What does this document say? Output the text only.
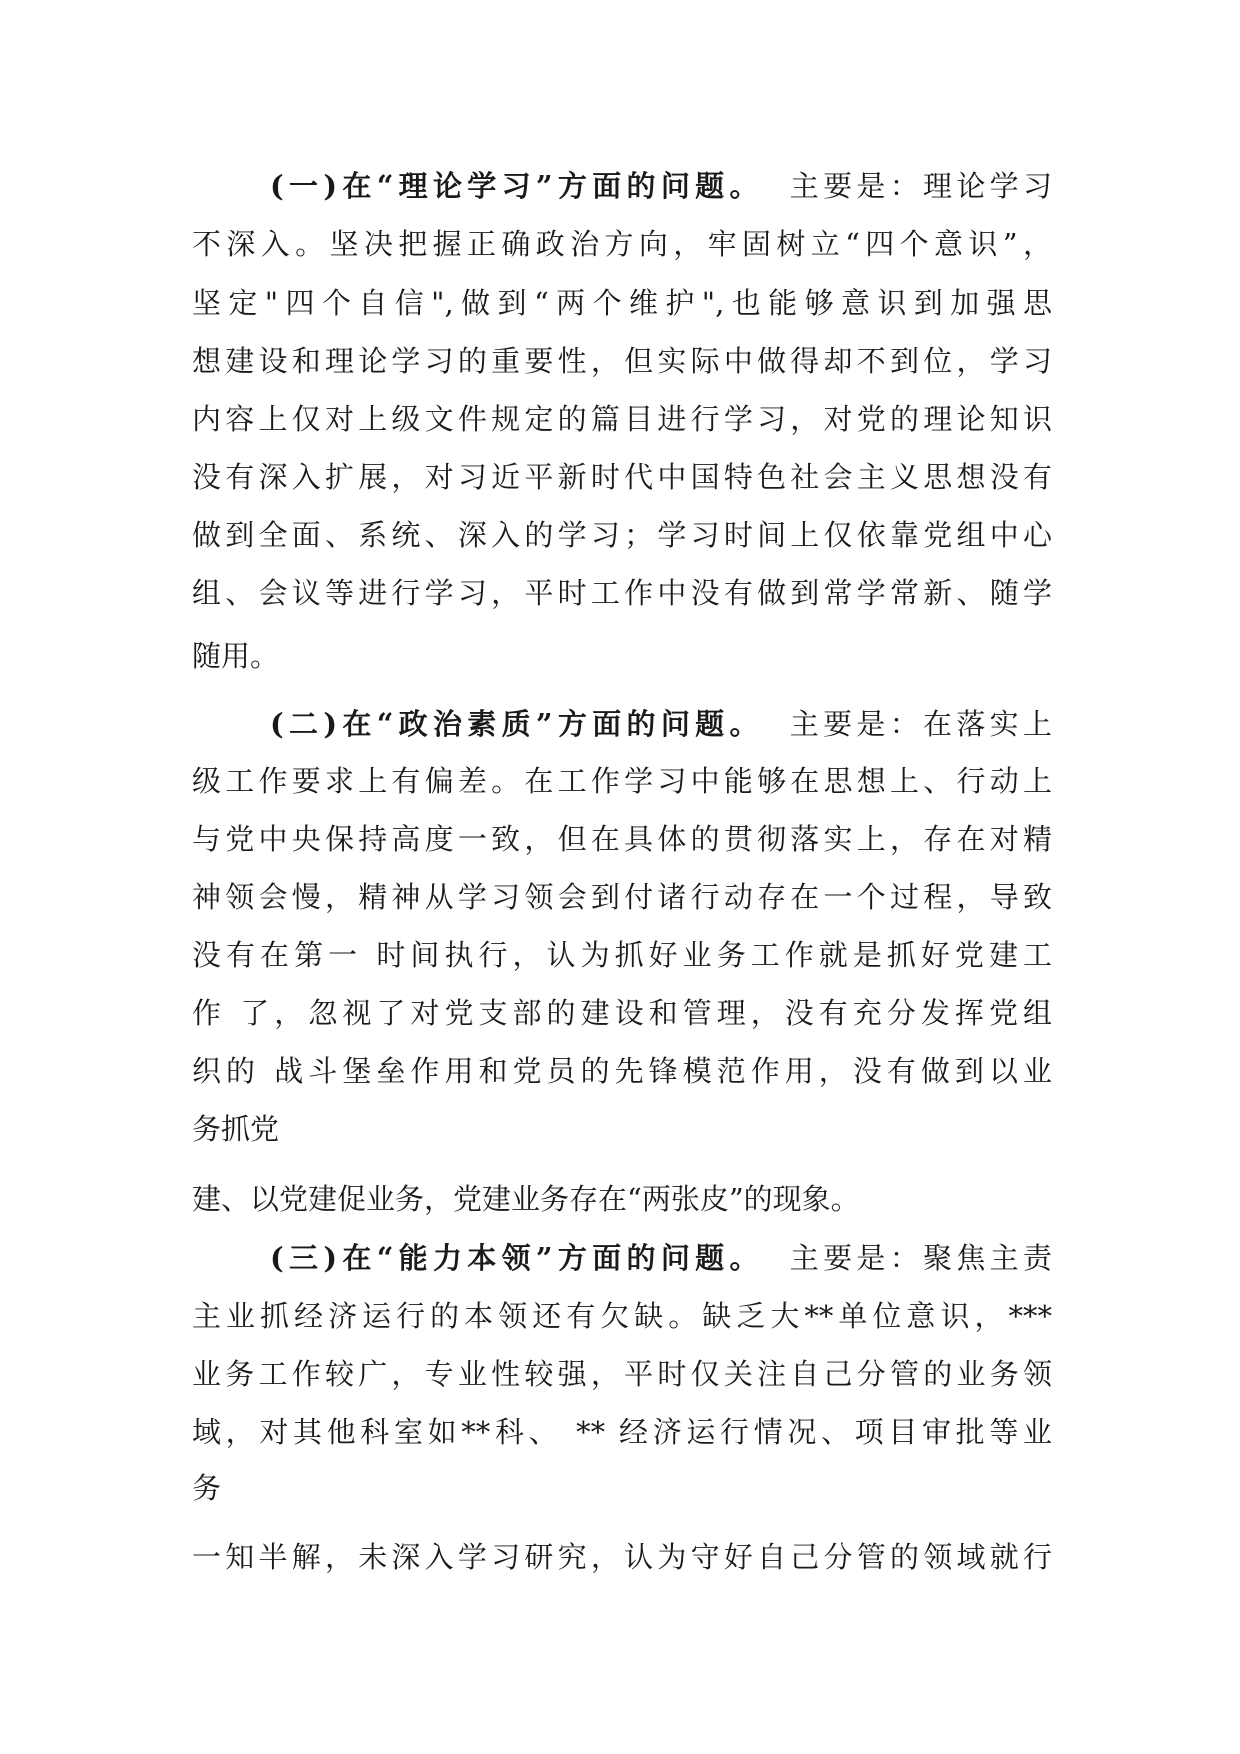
(一)在“理论学习”方面的问题。 主要是：理论学习

不深入。坚决把握正确政治方向，牢固树立“四个意识”，

坚定"四个自信",做到“两个维护",也能够意识到加强思

想建设和理论学习的重要性，但实际中做得却不到位，学习

内容上仅对上级文件规定的篇目进行学习，对党的理论知识

没有深入扩展，对习近平新时代中国特色社会主义思想没有

做到全面、系统、深入的学习；学习时间上仅依靠党组中心

组、会议等进行学习，平时工作中没有做到常学常新、随学

随用。

(二)在“政治素质”方面的问题。 主要是：在落实上

级工作要求上有偏差。在工作学习中能够在思想上、行动上

与党中央保持高度一致，但在具体的贯彻落实上，存在对精

神领会慢，精神从学习领会到付诸行动存在一个过程，导致

没有在第一 时间执行，认为抓好业务工作就是抓好党建工

作 了，忽视了对党支部的建设和管理，没有充分发挥党组

织的 战斗堡垒作用和党员的先锋模范作用，没有做到以业

务抓党

建、以党建促业务，党建业务存在“两张皮”的现象。

(三)在“能力本领”方面的问题。 主要是：聚焦主责

主业抓经济运行的本领还有欠缺。缺乏大**单位意识，***

业务工作较广，专业性较强，平时仅关注自己分管的业务领

域，对其他科室如**科、 ** 经济运行情况、项目审批等业

务

一知半解，未深入学习研究，认为守好自己分管的领域就行
